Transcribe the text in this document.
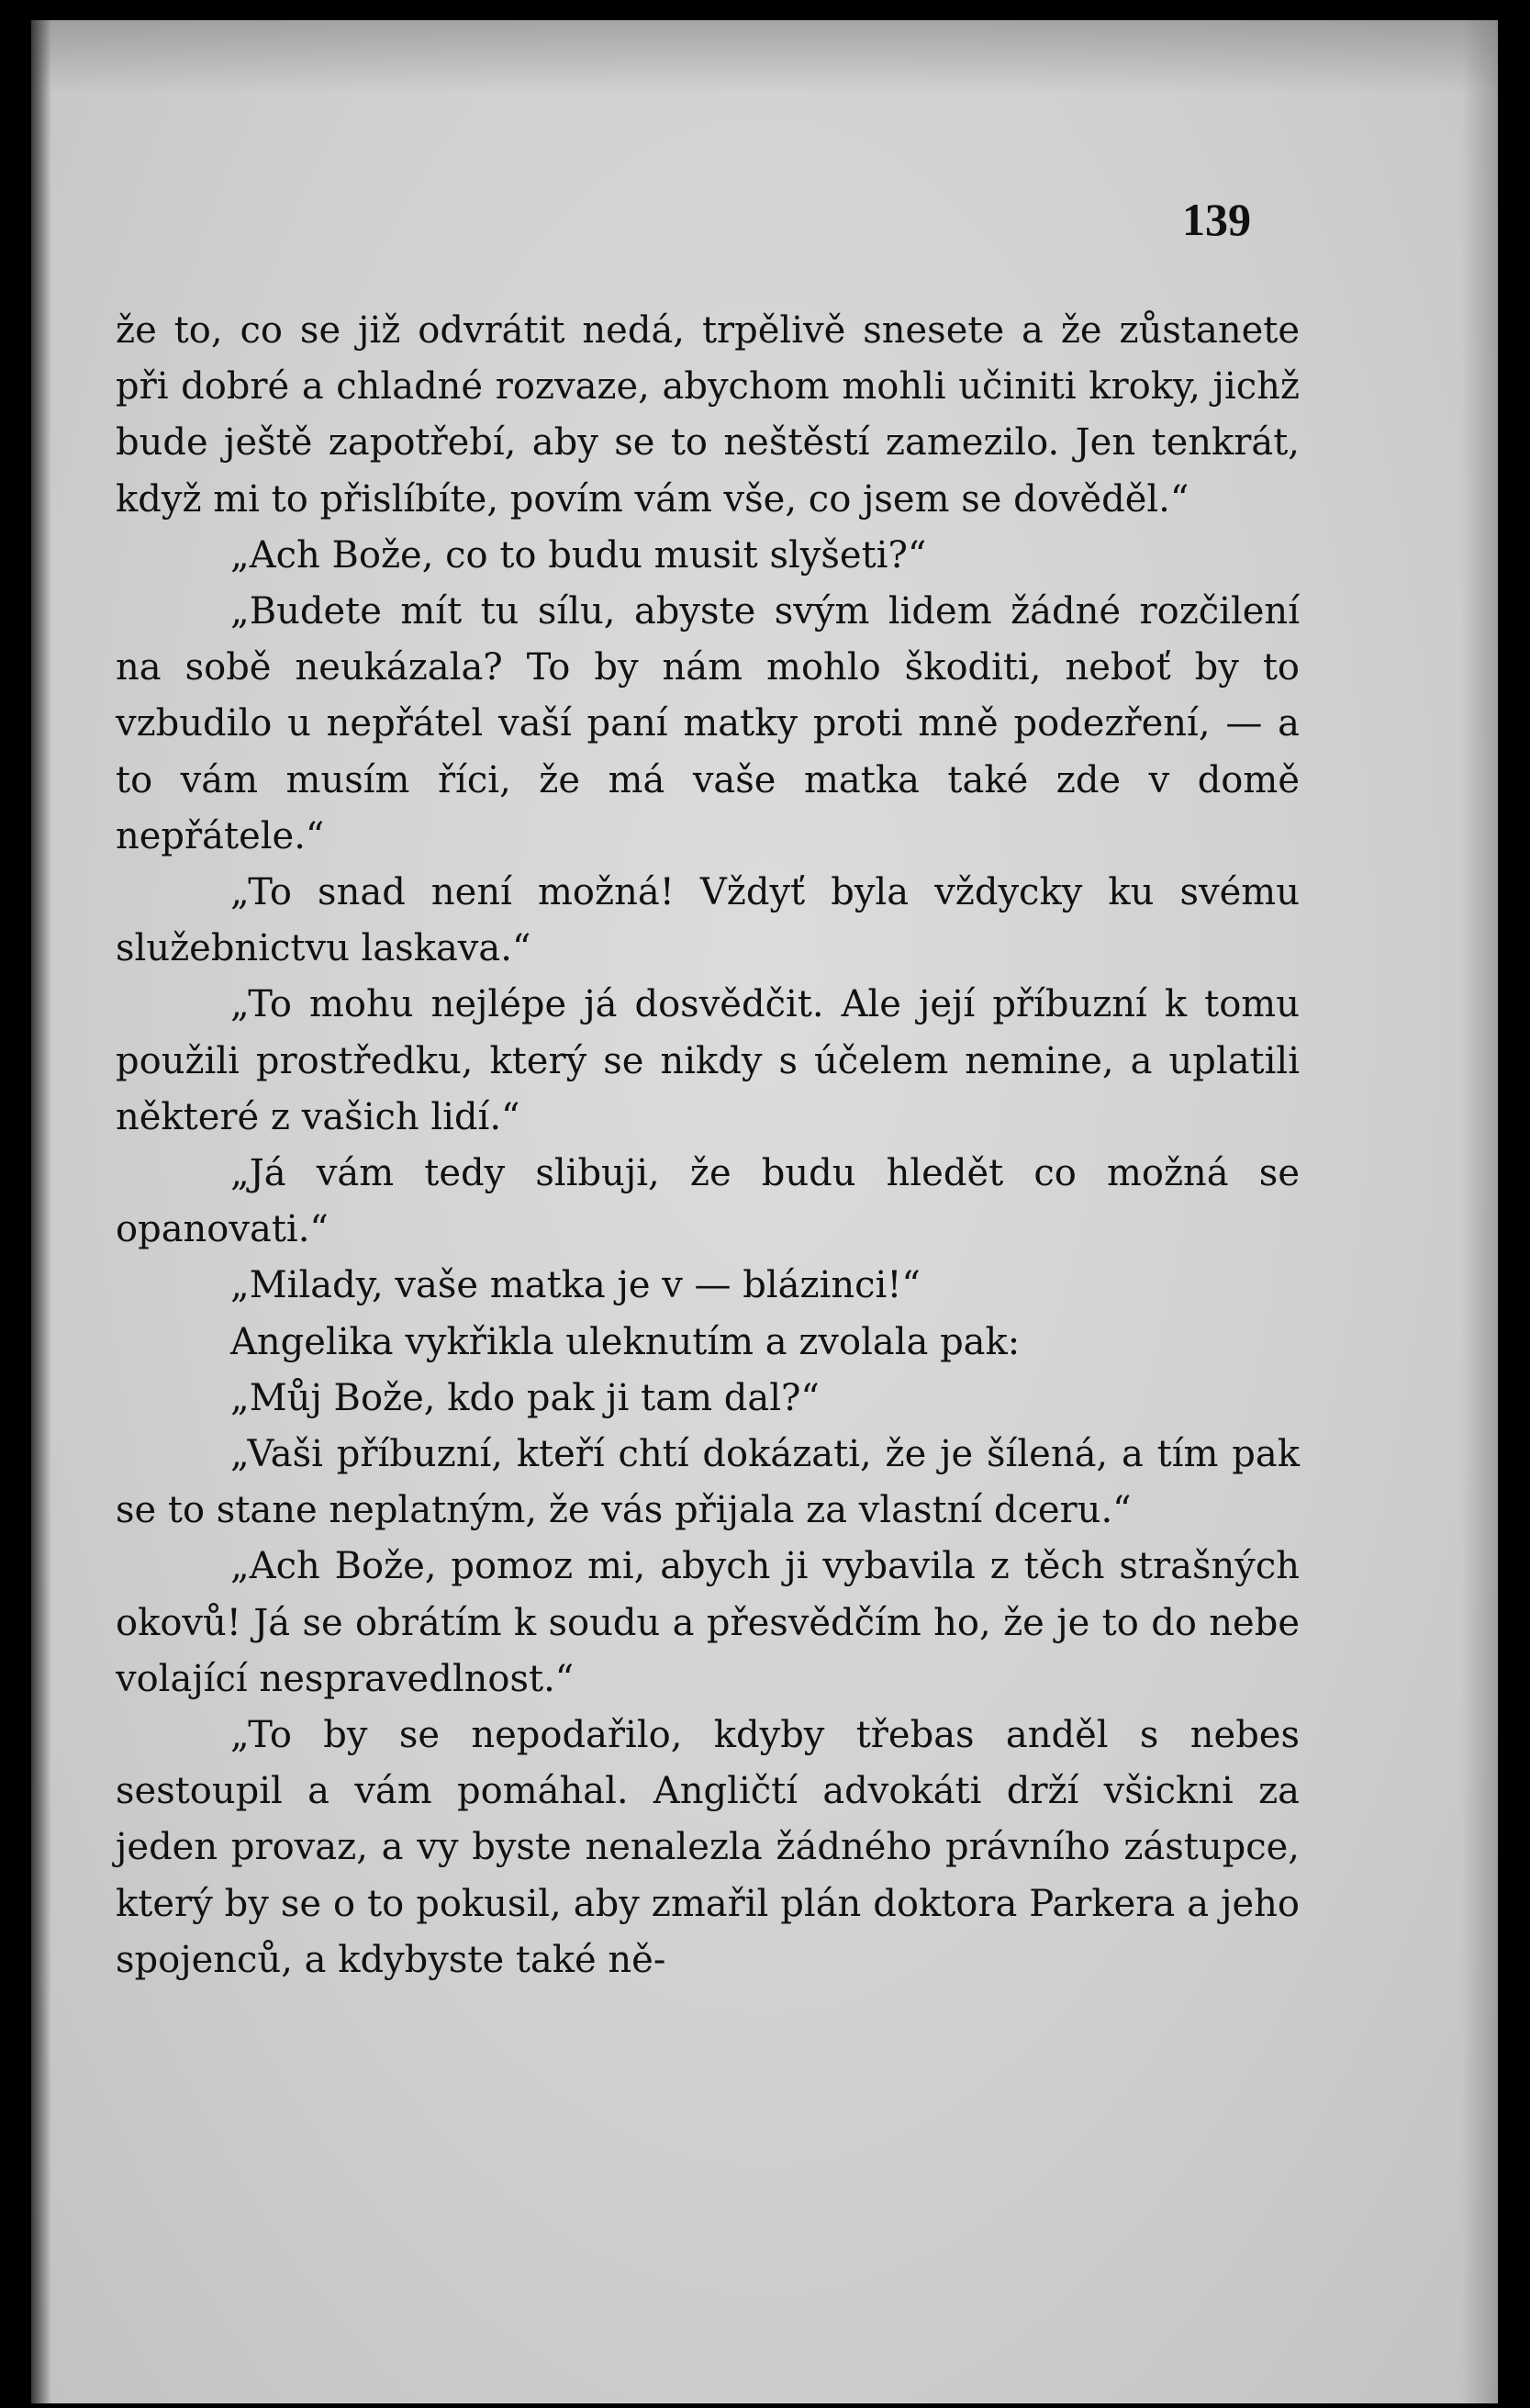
139

že to, co se již odvrátit nedá, trpělivě snesete a že zůstanete při dobré a chladné rozvaze, abychom mohli učiniti kroky, jichž bude ještě zapotřebí, aby se to neštěstí zamezilo. Jen tenkrát, když mi to přislíbíte, povím vám vše, co jsem se dověděl.“

„Ach Bože, co to budu musit slyšeti?“

„Budete mít tu sílu, abyste svým lidem žádné rozčilení na sobě neukázala? To by nám mohlo škoditi, neboť by to vzbudilo u nepřátel vaší paní matky proti mně podezření, — a to vám musím říci, že má vaše matka také zde v domě nepřátele.“

„To snad není možná! Vždyť byla vždycky ku svému služebnictvu laskava.“

„To mohu nejlépe já dosvědčit. Ale její příbuzní k tomu použili prostředku, který se nikdy s účelem nemine, a uplatili některé z vašich lidí.“

„Já vám tedy slibuji, že budu hledět co možná se opanovati.“

„Milady, vaše matka je v — blázinci!“

Angelika vykřikla uleknutím a zvolala pak:

„Můj Bože, kdo pak ji tam dal?“

„Vaši příbuzní, kteří chtí dokázati, že je šílená, a tím pak se to stane neplatným, že vás přijala za vlastní dceru.“

„Ach Bože, pomoz mi, abych ji vybavila z těch strašných okovů! Já se obrátím k soudu a přesvědčím ho, že je to do nebe volající nespravedlnost.“

„To by se nepodařilo, kdyby třebas anděl s nebes sestoupil a vám pomáhal. Angličtí advokáti drží všickni za jeden provaz, a vy byste nenalezla žádného právního zástupce, který by se o to pokusil, aby zmařil plán doktora Parkera a jeho spojenců, a kdybyste také ně-
